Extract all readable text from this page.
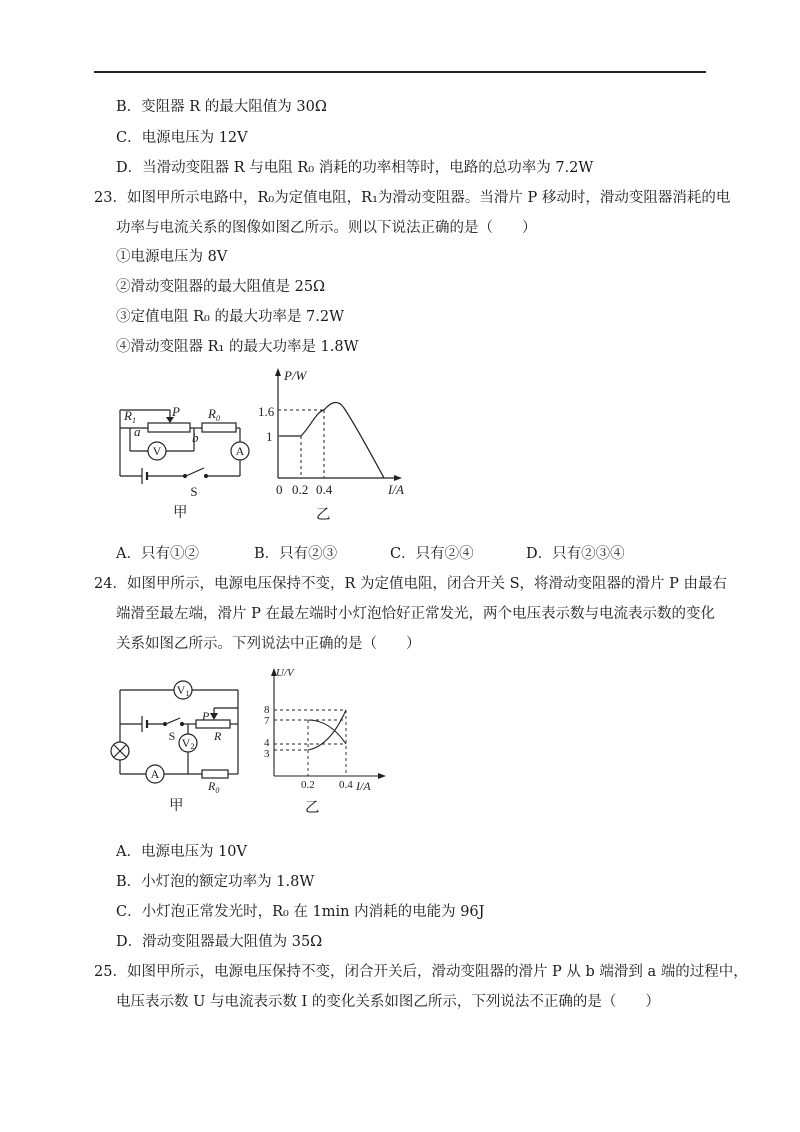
B．变阻器 R 的最大阻值为 30Ω
C．电源电压为 12V
D．当滑动变阻器 R 与电阻 R₀ 消耗的功率相等时，电路的总功率为 7.2W
23．如图甲所示电路中，R₀为定值电阻，R₁为滑动变阻器。当滑片 P 移动时，滑动变阻器消耗的电
功率与电流关系的图像如图乙所示。则以下说法正确的是（　　）
①电源电压为 8V
②滑动变阻器的最大阻值是 25Ω
③定值电阻 R₀ 的最大功率是 7.2W
④滑动变阻器 R₁ 的最大功率是 1.8W
$R_1$
P $R_0$
a	b
V	A
S
甲
P/W
1.6
1
0 0.2 0.4	I/A
乙
A．只有①②	B．只有②③	C．只有②④	D．只有②③④
24．如图甲所示，电源电压保持不变，R 为定值电阻，闭合开关 S，将滑动变阻器的滑片 P 由最右
端滑至最左端，滑片 P 在最左端时小灯泡恰好正常发光，两个电压表示数与电流表示数的变化
关系如图乙所示。下列说法中正确的是（　　）
V1
V2
A
S
P
R
$R_0$
甲
U/V
8
7
4
3
0.2 0.4 I/A
乙
A．电源电压为 10V
B．小灯泡的额定功率为 1.8W
C．小灯泡正常发光时，R₀ 在 1min 内消耗的电能为 96J
D．滑动变阻器最大阻值为 35Ω
25．如图甲所示，电源电压保持不变，闭合开关后，滑动变阻器的滑片 P 从 b 端滑到 a 端的过程中，
电压表示数 U 与电流表示数 I 的变化关系如图乙所示，下列说法不正确的是（　　）
